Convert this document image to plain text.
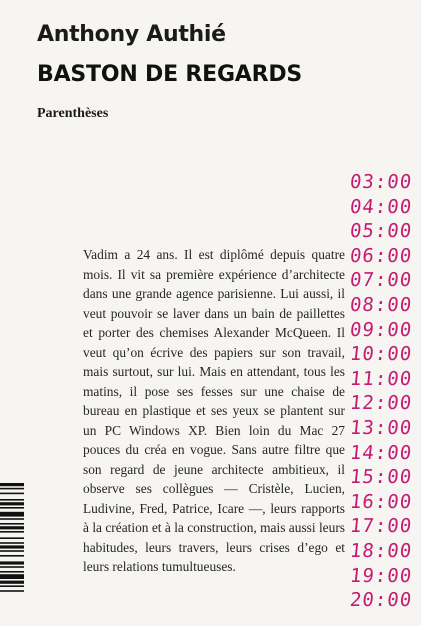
Anthony Authié
BASTON DE REGARDS
Parenthèses
Vadim a 24 ans. Il est diplômé depuis quatre mois. Il vit sa première expérience d’architecte dans une grande agence parisienne. Lui aussi, il veut pouvoir se laver dans un bain de paillettes et porter des chemises Alexander McQueen. Il veut qu’on écrive des papiers sur son travail, mais surtout, sur lui. Mais en attendant, tous les matins, il pose ses fesses sur une chaise de bureau en plastique et ses yeux se plantent sur un PC Windows XP. Bien loin du Mac 27 pouces du créa en vogue. Sans autre filtre que son regard de jeune architecte ambitieux, il observe ses collègues — Cristèle, Lucien, Ludivine, Fred, Patrice, Icare —, leurs rapports à la création et à la construction, mais aussi leurs habitudes, leurs travers, leurs crises d’ego et leurs relations tumultueuses.
03:00
04:00
05:00
06:00
07:00
08:00
09:00
10:00
11:00
12:00
13:00
14:00
15:00
16:00
17:00
18:00
19:00
20:00
